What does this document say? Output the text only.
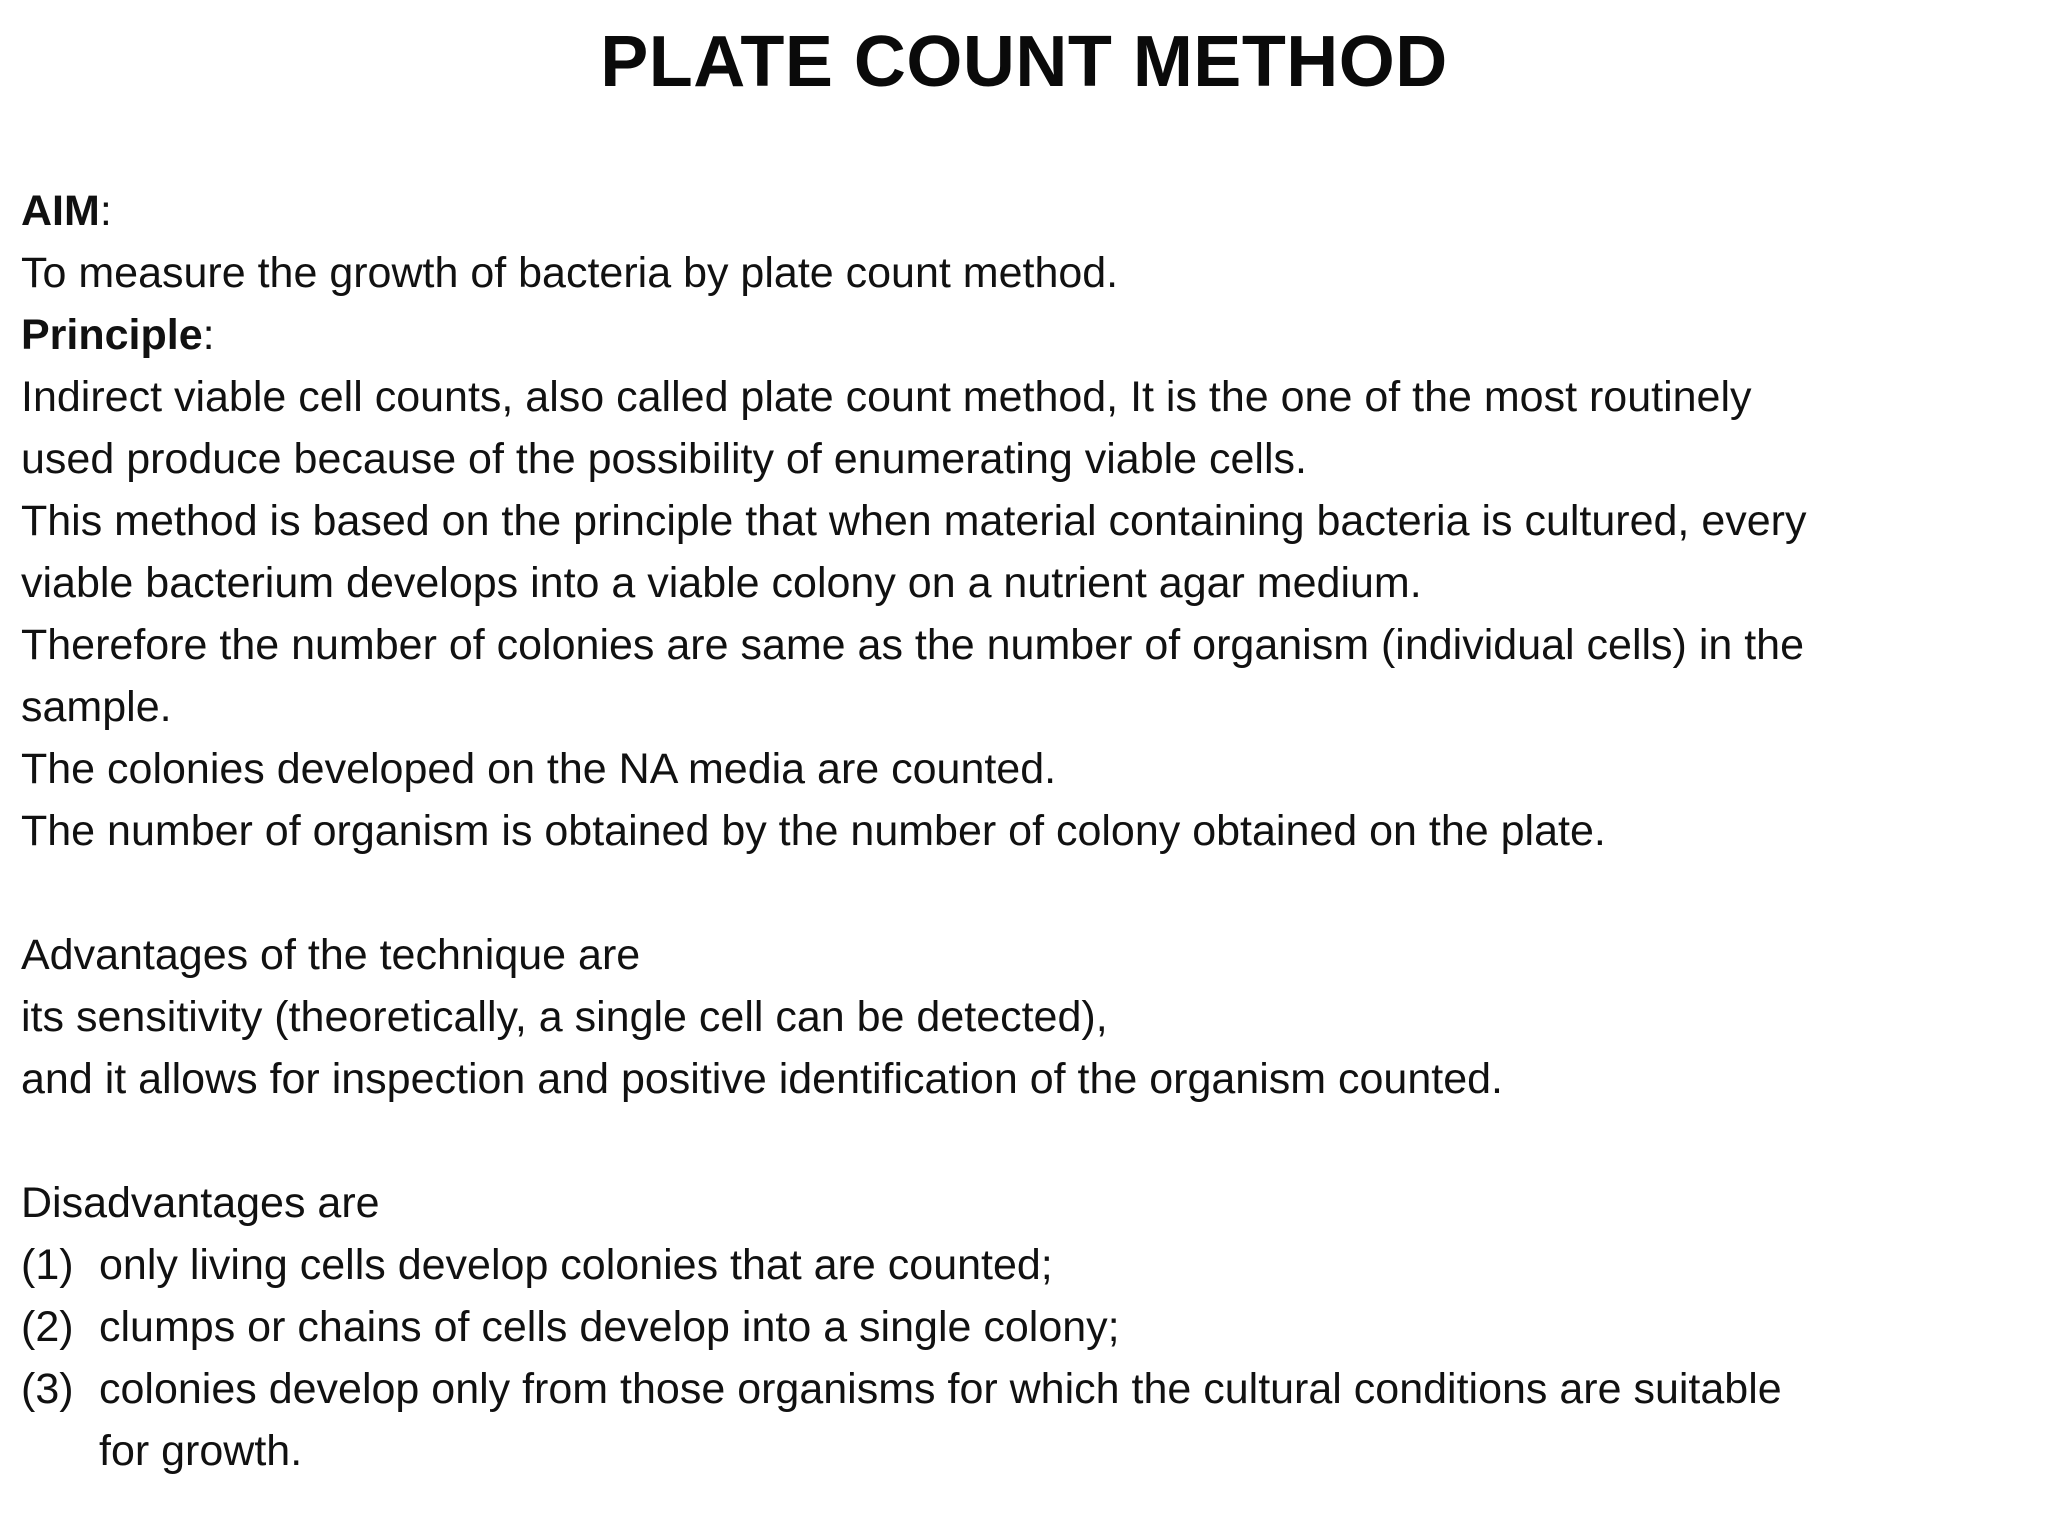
PLATE COUNT METHOD
AIM:
To measure the growth of bacteria by plate count method.
Principle:
Indirect viable cell counts, also called plate count method, It is the one of the most routinely
used produce because of the possibility of enumerating viable cells.
This method is based on the principle that when material containing bacteria is cultured, every
viable bacterium develops into a viable colony on a nutrient agar medium.
Therefore the number of colonies are same as the number of organism (individual cells) in the
sample.
The colonies developed on the NA media are counted.
The number of organism is obtained by the number of colony obtained on the plate.
Advantages of the technique are
its sensitivity (theoretically, a single cell can be detected),
and it allows for inspection and positive identification of the organism counted.
Disadvantages are
(1) only living cells develop colonies that are counted;
(2) clumps or chains of cells develop into a single colony;
(3) colonies develop only from those organisms for which the cultural conditions are suitable
for growth.
